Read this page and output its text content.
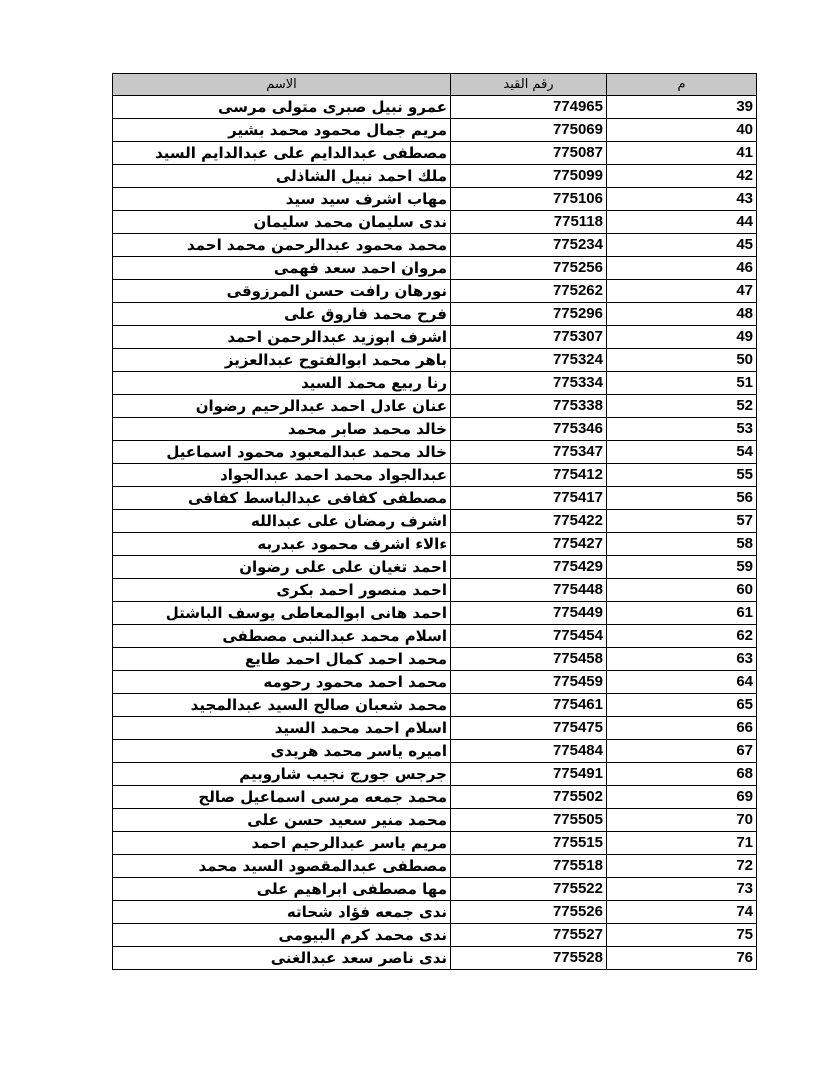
الاسم	رقم القيد	م
عمرو نبيل صبرى متولى مرسى	774965	39
مريم جمال محمود محمد بشير	775069	40
مصطفى عبدالدايم على عبدالدايم السيد	775087	41
ملك احمد نبيل الشاذلى	775099	42
مهاب اشرف سيد سيد	775106	43
ندى سليمان محمد سليمان	775118	44
محمد محمود عبدالرحمن محمد احمد	775234	45
مروان احمد سعد فهمى	775256	46
نورهان رافت حسن المرزوقى	775262	47
فرح محمد فاروق على	775296	48
اشرف ابوزيد عبدالرحمن احمد	775307	49
باهر محمد ابوالفتوح عبدالعزيز	775324	50
رنا ربيع محمد السيد	775334	51
عنان عادل احمد عبدالرحيم رضوان	775338	52
خالد محمد صابر محمد	775346	53
خالد محمد عبدالمعبود محمود اسماعيل	775347	54
عبدالجواد محمد احمد عبدالجواد	775412	55
مصطفى كفافى عبدالباسط كفافى	775417	56
اشرف رمضان على عبدالله	775422	57
ءالاء اشرف محمود عبدربه	775427	58
احمد تغيان على على رضوان	775429	59
احمد منصور احمد بكرى	775448	60
احمد هانى ابوالمعاطى يوسف الباشتل	775449	61
اسلام محمد عبدالنبى مصطفى	775454	62
محمد احمد كمال احمد طايع	775458	63
محمد احمد محمود رحومه	775459	64
محمد شعبان صالح السيد عبدالمجيد	775461	65
اسلام احمد محمد السيد	775475	66
اميره ياسر محمد هريدى	775484	67
جرجس جورج نجيب شاروبيم	775491	68
محمد جمعه مرسى اسماعيل صالح	775502	69
محمد منير سعيد حسن على	775505	70
مريم ياسر عبدالرحيم احمد	775515	71
مصطفى عبدالمقصود السيد محمد	775518	72
مها مصطفى ابراهيم على	775522	73
ندى جمعه فؤاد شحاته	775526	74
ندى محمد كرم البيومى	775527	75
ندى ناصر سعد عبدالغنى	775528	76
